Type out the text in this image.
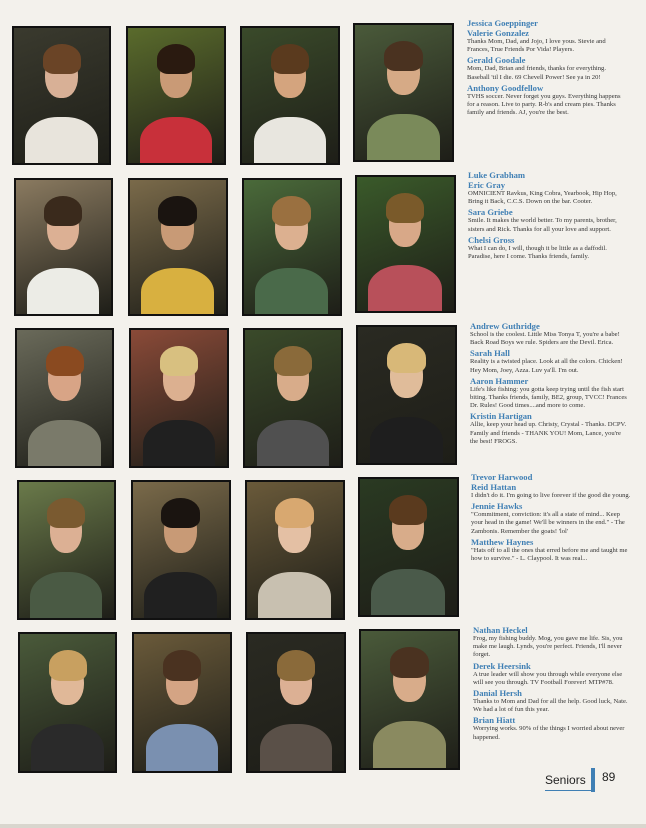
Jessica Goeppinger
Valerie Gonzalez
Thanks Mom, Dad, and Jojo, I love yous. Stevie and Frances, True Friends Por Vida! Players.
Gerald Goodale
Mom, Dad, Brian and friends, thanks for everything. Baseball 'til I die. 69 Chevell Power! See ya in 20!
Anthony Goodfellow
TVHS soccer. Never forget you guys. Everything happens for a reason. Live to party. R-b's and cream pies. Thanks family and friends. AJ, you're the best.
Luke Grabham
Eric Gray
OMNICIENT Ravkus, King Cobra, Yearbook, Hip Hop, Bring it Back, C.C.S. Down on the bar. Cooter.
Sara Griebe
Smile. It makes the world better. To my parents, brother, sisters and Rick. Thanks for all your love and support.
Chelsi Gross
What I can do, I will, though it be little as a daffodil. Paradise, here I come. Thanks friends, family.
Andrew Guthridge
School is the coolest. Little Miss Tonya T, you're a babe! Back Road Boys we rule. Spiders are the Devil. Erica.
Sarah Hall
Reality is a twisted place. Look at all the colors. Chicken! Hey Mom, Joey, Azza. Luv ya'll. I'm out.
Aaron Hammer
Life's like fishing: you gotta keep trying until the fish start biting. Thanks friends, family, BE2, group, TVCC! Frances Dr. Rules! Good times....and more to come.
Kristin Hartigan
Allie, keep your head up. Christy, Crystal - Thanks. DCPV. Family and friends - THANK YOU! Mom, Lance, you're the best! FROGS.
Trevor Harwood
Reid Hattan
I didn't do it. I'm going to live forever if the good die young.
Jennie Hawks
"Commitment, conviction: it's all a state of mind... Keep your head in the game! We'll be winners in the end." - The Zambonis. Remember the goats! 'lol'
Matthew Haynes
"Hats off to all the ones that erred before me and taught me how to survive." - L. Claypool. It was real...
Nathan Heckel
Frog, my fishing buddy. Mog, you gave me life. Sis, you make me laugh. Lynds, you're perfect. Friends, I'll never forget.
Derek Heersink
A true leader will show you through while everyone else will see you through. TV Football Forever! MTP#78.
Danial Hersh
Thanks to Mom and Dad for all the help. Good luck, Nate. We had a lot of fun this year.
Brian Hiatt
Worrying works. 90% of the things I worried about never happened.
Seniors 89
